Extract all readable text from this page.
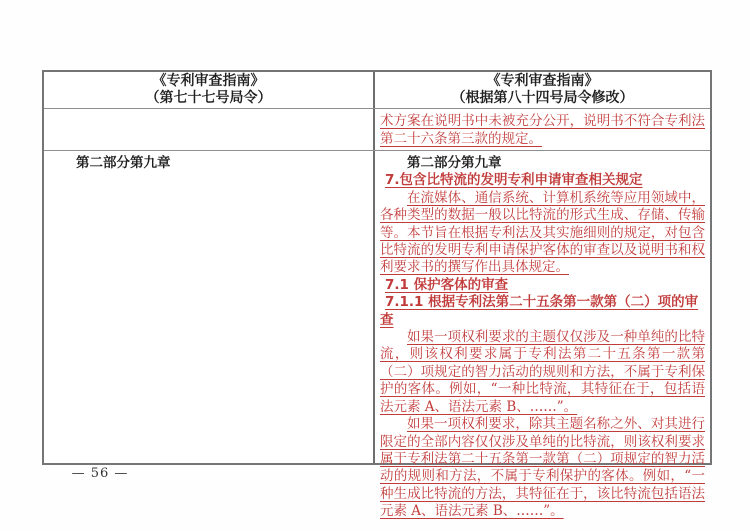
《专利审查指南》
（第七十七号局令）
《专利审查指南》
（根据第八十四号局令修改）

术方案在说明书中未被充分公开，说明书不符合专利法第二十六条第三款的规定。

第二部分第九章	第二部分第九章

7.包含比特流的发明专利申请审查相关规定

在流媒体、通信系统、计算机系统等应用领域中，各种类型的数据一般以比特流的形式生成、存储、传输等。本节旨在根据专利法及其实施细则的规定，对包含比特流的发明专利申请保护客体的审查以及说明书和权利要求书的撰写作出具体规定。

7.1 保护客体的审查

7.1.1 根据专利法第二十五条第一款第（二）项的审查

如果一项权利要求的主题仅仅涉及一种单纯的比特流，则该权利要求属于专利法第二十五条第一款第（二）项规定的智力活动的规则和方法，不属于专利保护的客体。例如，“一种比特流，其特征在于，包括语法元素 A、语法元素 B、……”。

如果一项权利要求，除其主题名称之外、对其进行限定的全部内容仅仅涉及单纯的比特流，则该权利要求属于专利法第二十五条第一款第（二）项规定的智力活动的规则和方法，不属于专利保护的客体。例如，“一种生成比特流的方法，其特征在于，该比特流包括语法元素 A、语法元素 B、……”。

— 56 —
